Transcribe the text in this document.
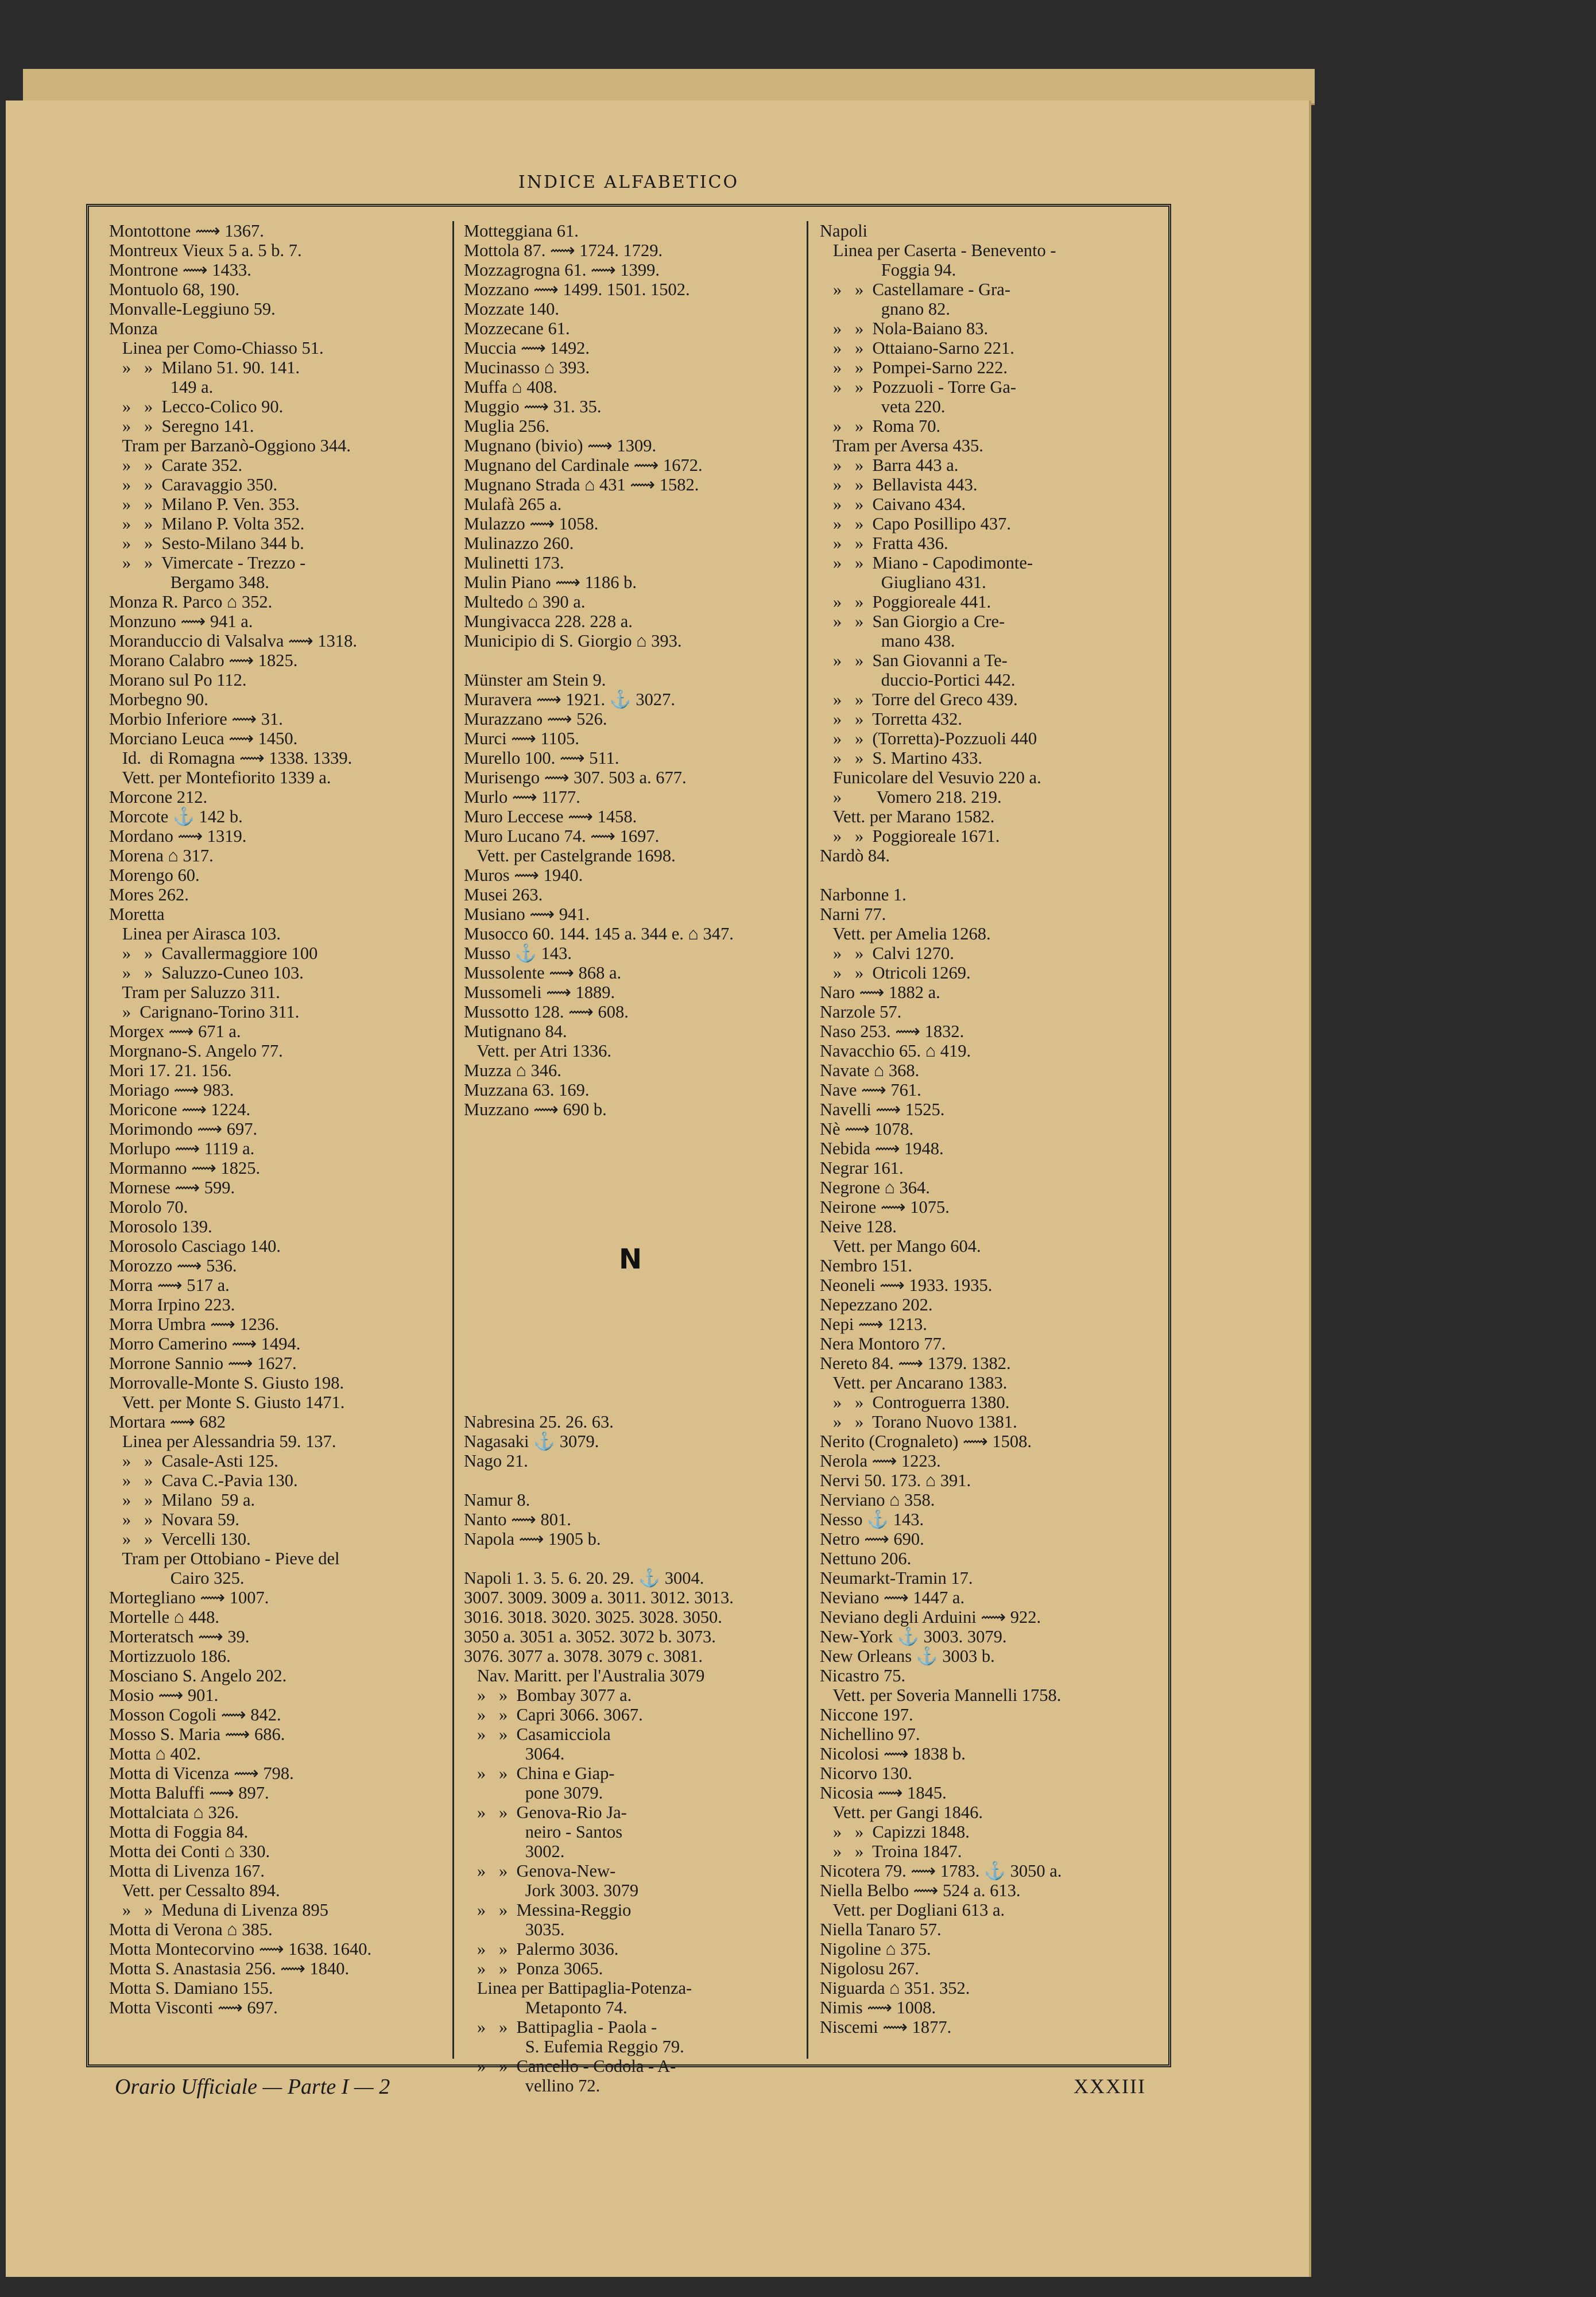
INDICE ALFABETICO
Montottone ⟿ 1367.
Montreux Vieux 5 a. 5 b. 7.
Montrone ⟿ 1433.
Montuolo 68, 190.
Monvalle-Leggiuno 59.
Monza
Linea per Como-Chiasso 51.
»   »  Milano 51. 90. 141.
149 a.
»   »  Lecco-Colico 90.
»   »  Seregno 141.
Tram per Barzanò-Oggiono 344.
»   »  Carate 352.
»   »  Caravaggio 350.
»   »  Milano P. Ven. 353.
»   »  Milano P. Volta 352.
»   »  Sesto-Milano 344 b.
»   »  Vimercate - Trezzo -
Bergamo 348.
Monza R. Parco ⌂ 352.
Monzuno ⟿ 941 a.
Moranduccio di Valsalva ⟿ 1318.
Morano Calabro ⟿ 1825.
Morano sul Po 112.
Morbegno 90.
Morbio Inferiore ⟿ 31.
Morciano Leuca ⟿ 1450.
Id.  di Romagna ⟿ 1338. 1339.
Vett. per Montefiorito 1339 a.
Morcone 212.
Morcote ⚓ 142 b.
Mordano ⟿ 1319.
Morena ⌂ 317.
Morengo 60.
Mores 262.
Moretta
Linea per Airasca 103.
»   »  Cavallermaggiore 100
»   »  Saluzzo-Cuneo 103.
Tram per Saluzzo 311.
»  Carignano-Torino 311.
Morgex ⟿ 671 a.
Morgnano-S. Angelo 77.
Mori 17. 21. 156.
Moriago ⟿ 983.
Moricone ⟿ 1224.
Morimondo ⟿ 697.
Morlupo ⟿ 1119 a.
Mormanno ⟿ 1825.
Mornese ⟿ 599.
Morolo 70.
Morosolo 139.
Morosolo Casciago 140.
Morozzo ⟿ 536.
Morra ⟿ 517 a.
Morra Irpino 223.
Morra Umbra ⟿ 1236.
Morro Camerino ⟿ 1494.
Morrone Sannio ⟿ 1627.
Morrovalle-Monte S. Giusto 198.
Vett. per Monte S. Giusto 1471.
Mortara ⟿ 682
Linea per Alessandria 59. 137.
»   »  Casale-Asti 125.
»   »  Cava C.-Pavia 130.
»   »  Milano  59 a.
»   »  Novara 59.
»   »  Vercelli 130.
Tram per Ottobiano - Pieve del
Cairo 325.
Mortegliano ⟿ 1007.
Mortelle ⌂ 448.
Morteratsch ⟿ 39.
Mortizzuolo 186.
Mosciano S. Angelo 202.
Mosio ⟿ 901.
Mosson Cogoli ⟿ 842.
Mosso S. Maria ⟿ 686.
Motta ⌂ 402.
Motta di Vicenza ⟿ 798.
Motta Baluffi ⟿ 897.
Mottalciata ⌂ 326.
Motta di Foggia 84.
Motta dei Conti ⌂ 330.
Motta di Livenza 167.
Vett. per Cessalto 894.
»   »  Meduna di Livenza 895
Motta di Verona ⌂ 385.
Motta Montecorvino ⟿ 1638. 1640.
Motta S. Anastasia 256. ⟿ 1840.
Motta S. Damiano 155.
Motta Visconti ⟿ 697.
Motteggiana 61.
Mottola 87. ⟿ 1724. 1729.
Mozzagrogna 61. ⟿ 1399.
Mozzano ⟿ 1499. 1501. 1502.
Mozzate 140.
Mozzecane 61.
Muccia ⟿ 1492.
Mucinasso ⌂ 393.
Muffa ⌂ 408.
Muggio ⟿ 31. 35.
Muglia 256.
Mugnano (bivio) ⟿ 1309.
Mugnano del Cardinale ⟿ 1672.
Mugnano Strada ⌂ 431 ⟿ 1582.
Mulafà 265 a.
Mulazzo ⟿ 1058.
Mulinazzo 260.
Mulinetti 173.
Mulin Piano ⟿ 1186 b.
Multedo ⌂ 390 a.
Mungivacca 228. 228 a.
Municipio di S. Giorgio ⌂ 393.

Münster am Stein 9.
Muravera ⟿ 1921. ⚓ 3027.
Murazzano ⟿ 526.
Murci ⟿ 1105.
Murello 100. ⟿ 511.
Murisengo ⟿ 307. 503 a. 677.
Murlo ⟿ 1177.
Muro Leccese ⟿ 1458.
Muro Lucano 74. ⟿ 1697.
Vett. per Castelgrande 1698.
Muros ⟿ 1940.
Musei 263.
Musiano ⟿ 941.
Musocco 60. 144. 145 a. 344 e. ⌂ 347.
Musso ⚓ 143.
Mussolente ⟿ 868 a.
Mussomeli ⟿ 1889.
Mussotto 128. ⟿ 608.
Mutignano 84.
Vett. per Atri 1336.
Muzza ⌂ 346.
Muzzana 63. 169.
Muzzano ⟿ 690 b.

Nabresina 25. 26. 63.
Nagasaki ⚓ 3079.
Nago 21.

Namur 8.
Nanto ⟿ 801.
Napola ⟿ 1905 b.

Napoli 1. 3. 5. 6. 20. 29. ⚓ 3004.
3007. 3009. 3009 a. 3011. 3012. 3013.
3016. 3018. 3020. 3025. 3028. 3050.
3050 a. 3051 a. 3052. 3072 b. 3073.
3076. 3077 a. 3078. 3079 c. 3081.
Nav. Maritt. per l'Australia 3079
»   »  Bombay 3077 a.
»   »  Capri 3066. 3067.
»   »  Casamicciola
3064.
»   »  China e Giap-
pone 3079.
»   »  Genova-Rio Ja-
neiro - Santos
3002.
»   »  Genova-New-
Jork 3003. 3079
»   »  Messina-Reggio
3035.
»   »  Palermo 3036.
»   »  Ponza 3065.
Linea per Battipaglia-Potenza-
Metaponto 74.
»   »  Battipaglia - Paola -
S. Eufemia Reggio 79.
»   »  Cancello - Codola - A-
vellino 72.
Napoli
Linea per Caserta - Benevento -
Foggia 94.
»   »  Castellamare - Gra-
gnano 82.
»   »  Nola-Baiano 83.
»   »  Ottaiano-Sarno 221.
»   »  Pompei-Sarno 222.
»   »  Pozzuoli - Torre Ga-
veta 220.
»   »  Roma 70.
Tram per Aversa 435.
»   »  Barra 443 a.
»   »  Bellavista 443.
»   »  Caivano 434.
»   »  Capo Posillipo 437.
»   »  Fratta 436.
»   »  Miano - Capodimonte-
Giugliano 431.
»   »  Poggioreale 441.
»   »  San Giorgio a Cre-
mano 438.
»   »  San Giovanni a Te-
duccio-Portici 442.
»   »  Torre del Greco 439.
»   »  Torretta 432.
»   »  (Torretta)-Pozzuoli 440
»   »  S. Martino 433.
Funicolare del Vesuvio 220 a.
»        Vomero 218. 219.
Vett. per Marano 1582.
»   »  Poggioreale 1671.
Nardò 84.

Narbonne 1.
Narni 77.
Vett. per Amelia 1268.
»   »  Calvi 1270.
»   »  Otricoli 1269.
Naro ⟿ 1882 a.
Narzole 57.
Naso 253. ⟿ 1832.
Navacchio 65. ⌂ 419.
Navate ⌂ 368.
Nave ⟿ 761.
Navelli ⟿ 1525.
Nè ⟿ 1078.
Nebida ⟿ 1948.
Negrar 161.
Negrone ⌂ 364.
Neirone ⟿ 1075.
Neive 128.
Vett. per Mango 604.
Nembro 151.
Neoneli ⟿ 1933. 1935.
Nepezzano 202.
Nepi ⟿ 1213.
Nera Montoro 77.
Nereto 84. ⟿ 1379. 1382.
Vett. per Ancarano 1383.
»   »  Controguerra 1380.
»   »  Torano Nuovo 1381.
Nerito (Crognaleto) ⟿ 1508.
Nerola ⟿ 1223.
Nervi 50. 173. ⌂ 391.
Nerviano ⌂ 358.
Nesso ⚓ 143.
Netro ⟿ 690.
Nettuno 206.
Neumarkt-Tramin 17.
Neviano ⟿ 1447 a.
Neviano degli Arduini ⟿ 922.
New-York ⚓ 3003. 3079.
New Orleans ⚓ 3003 b.
Nicastro 75.
Vett. per Soveria Mannelli 1758.
Niccone 197.
Nichellino 97.
Nicolosi ⟿ 1838 b.
Nicorvo 130.
Nicosia ⟿ 1845.
Vett. per Gangi 1846.
»   »  Capizzi 1848.
»   »  Troina 1847.
Nicotera 79. ⟿ 1783. ⚓ 3050 a.
Niella Belbo ⟿ 524 a. 613.
Vett. per Dogliani 613 a.
Niella Tanaro 57.
Nigoline ⌂ 375.
Nigolosu 267.
Niguarda ⌂ 351. 352.
Nimis ⟿ 1008.
Niscemi ⟿ 1877.
N
Orario Ufficiale — Parte I — 2	XXXIII
